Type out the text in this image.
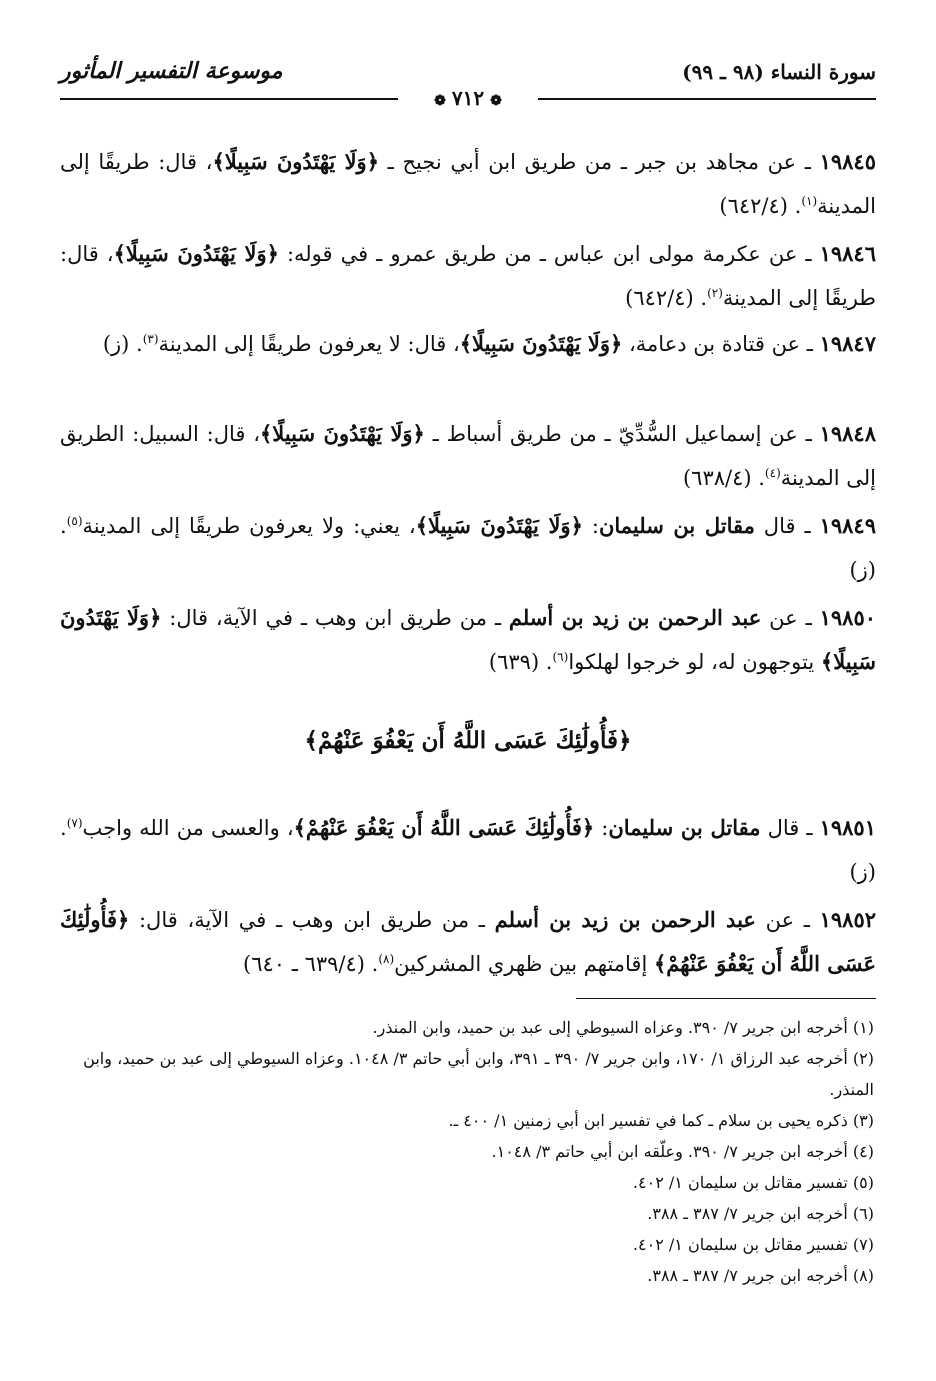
سورة النساء (٩٨ ـ ٩٩)
موسوعة التفسير المأثور
❁٧١٢❁
١٩٨٤٥ ـ عن مجاهد بن جبر ـ من طريق ابن أبي نجيح ـ ﴿وَلَا يَهْتَدُونَ سَبِيلًا﴾، قال: طريقًا إلى المدينة$^{(١)}$. (٦٤٢/٤)
١٩٨٤٦ ـ عن عكرمة مولى ابن عباس ـ من طريق عمرو ـ في قوله: ﴿وَلَا يَهْتَدُونَ سَبِيلًا﴾، قال: طريقًا إلى المدينة$^{(٢)}$. (٦٤٢/٤)
١٩٨٤٧ ـ عن قتادة بن دعامة، ﴿وَلَا يَهْتَدُونَ سَبِيلًا﴾، قال: لا يعرفون طريقًا إلى المدينة$^{(٣)}$. (ز)
١٩٨٤٨ ـ عن إسماعيل السُّدِّيّ ـ من طريق أسباط ـ ﴿وَلَا يَهْتَدُونَ سَبِيلًا﴾، قال: السبيل: الطريق إلى المدينة$^{(٤)}$. (٦٣٨/٤)
١٩٨٤٩ ـ قال مقاتل بن سليمان: ﴿وَلَا يَهْتَدُونَ سَبِيلًا﴾، يعني: ولا يعرفون طريقًا إلى المدينة$^{(٥)}$. (ز)
١٩٨٥٠ ـ عن عبد الرحمن بن زيد بن أسلم ـ من طريق ابن وهب ـ في الآية، قال: ﴿وَلَا يَهْتَدُونَ سَبِيلًا﴾ يتوجهون له، لو خرجوا لهلكوا$^{(٦)}$. (٦٣٩)
﴿فَأُولَٰئِكَ عَسَى اللَّهُ أَن يَعْفُوَ عَنْهُمْ﴾
١٩٨٥١ ـ قال مقاتل بن سليمان: ﴿فَأُولَٰئِكَ عَسَى اللَّهُ أَن يَعْفُوَ عَنْهُمْ﴾، والعسى من الله واجب$^{(٧)}$. (ز)
١٩٨٥٢ ـ عن عبد الرحمن بن زيد بن أسلم ـ من طريق ابن وهب ـ في الآية، قال: ﴿فَأُولَٰئِكَ عَسَى اللَّهُ أَن يَعْفُوَ عَنْهُمْ﴾ إقامتهم بين ظهري المشركين$^{(٨)}$. (٦٣٩/٤ ـ ٦٤٠)

(١) أخرجه ابن جرير ٧/ ٣٩٠. وعزاه السيوطي إلى عبد بن حميد، وابن المنذر.

(٢) أخرجه عبد الرزاق ١/ ١٧٠، وابن جرير ٧/ ٣٩٠ ـ ٣٩١، وابن أبي حاتم ٣/ ١٠٤٨. وعزاه السيوطي إلى عبد بن حميد، وابن المنذر.

(٣) ذكره يحيى بن سلام ـ كما في تفسير ابن أبي زمنين ١/ ٤٠٠ ـ.

(٤) أخرجه ابن جرير ٧/ ٣٩٠. وعلّقه ابن أبي حاتم ٣/ ١٠٤٨.

(٥) تفسير مقاتل بن سليمان ١/ ٤٠٢.

(٦) أخرجه ابن جرير ٧/ ٣٨٧ ـ ٣٨٨.

(٧) تفسير مقاتل بن سليمان ١/ ٤٠٢.

(٨) أخرجه ابن جرير ٧/ ٣٨٧ ـ ٣٨٨.
